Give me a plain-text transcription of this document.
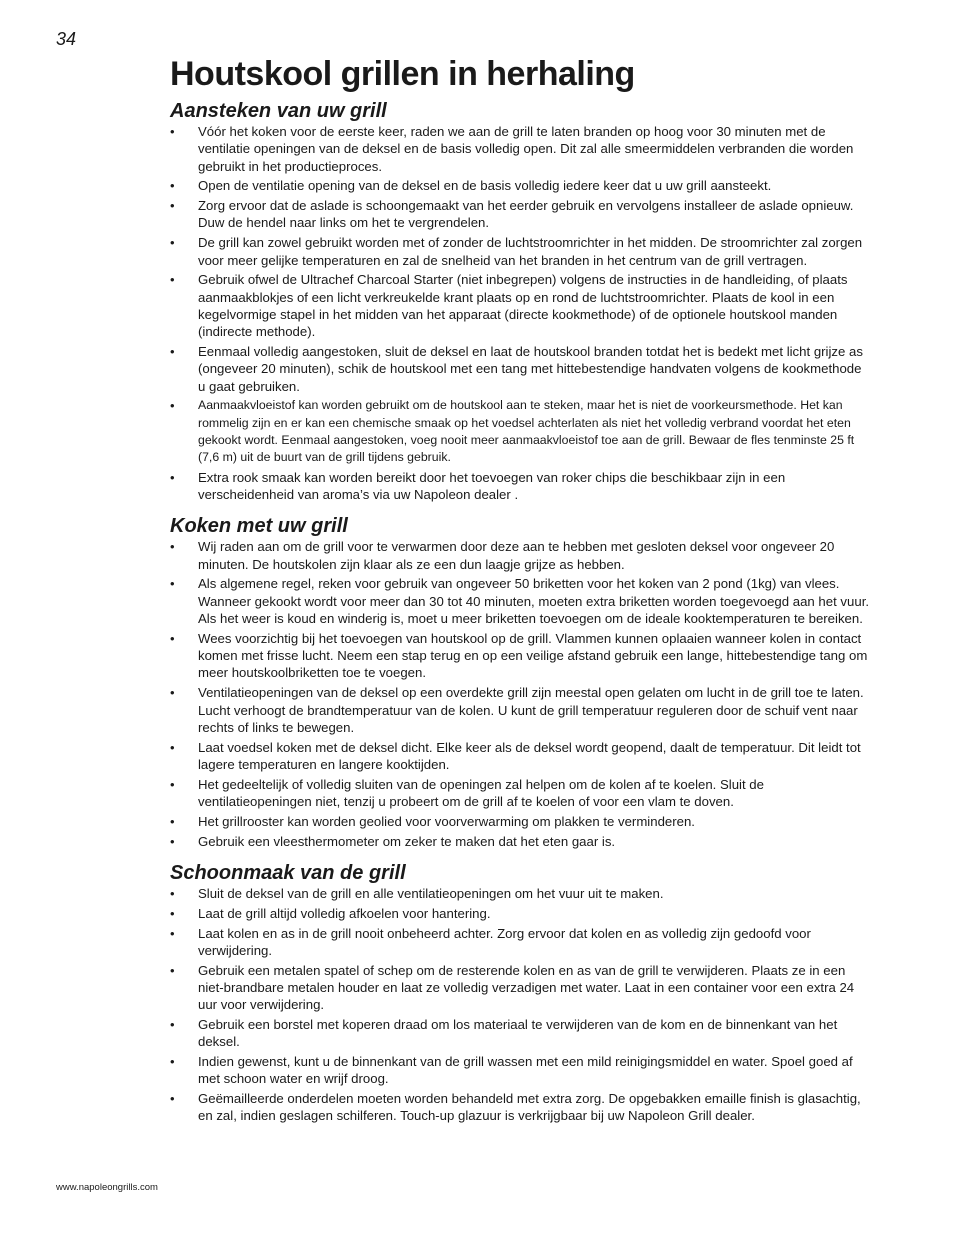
34
Houtskool grillen in herhaling
Aansteken van uw grill
• Vóór het koken voor de eerste keer, raden we aan de grill te laten branden op hoog voor 30 minuten met de ventilatie openingen van de deksel en de basis volledig open. Dit zal alle smeermiddelen verbranden die worden gebruikt in het productieproces.
• Open de ventilatie opening van de deksel en de basis volledig iedere keer dat u uw grill aansteekt.
• Zorg ervoor dat de aslade is schoongemaakt van het eerder gebruik en vervolgens installeer de aslade opnieuw. Duw de hendel naar links om het te vergrendelen.
• De grill kan zowel gebruikt worden met of zonder de luchtstroomrichter in het midden. De stroomrichter zal zorgen voor meer gelijke temperaturen en zal de snelheid van het branden in het centrum van de grill vertragen.
• Gebruik ofwel de Ultrachef Charcoal Starter (niet inbegrepen) volgens de instructies in de handleiding, of plaats aanmaakblokjes of een licht verkreukelde krant plaats op en rond de luchtstroomrichter. Plaats de kool in een kegelvormige stapel in het midden van het apparaat (directe kookmethode) of de optionele houtskool manden (indirecte methode).
• Eenmaal volledig aangestoken, sluit de deksel en laat de houtskool branden totdat het is bedekt met licht grijze as (ongeveer 20 minuten), schik de houtskool met een tang met hittebestendige handvaten volgens de kookmethode u gaat gebruiken.
• Aanmaakvloeistof kan worden gebruikt om de houtskool aan te steken, maar het is niet de voorkeursmethode. Het kan rommelig zijn en er kan een chemische smaak op het voedsel achterlaten als niet het volledig verbrand voordat het eten gekookt wordt. Eenmaal aangestoken, voeg nooit meer aanmaakvloeistof toe aan de grill. Bewaar de fles tenminste 25 ft (7,6 m) uit de buurt van de grill tijdens gebruik.
• Extra rook smaak kan worden bereikt door het toevoegen van roker chips die beschikbaar zijn in een verscheidenheid van aroma’s via uw Napoleon dealer .
Koken met uw grill
• Wij raden aan om de grill voor te verwarmen door deze aan te hebben met gesloten deksel voor ongeveer 20 minuten. De houtskolen zijn klaar als ze een dun laagje grijze as hebben.
• Als algemene regel, reken voor gebruik van ongeveer 50 briketten voor het koken van 2 pond (1kg) van vlees. Wanneer gekookt wordt voor meer dan 30 tot 40 minuten, moeten extra briketten worden toegevoegd aan het vuur. Als het weer is koud en winderig is, moet u meer briketten toevoegen om de ideale kooktemperaturen te bereiken.
• Wees voorzichtig bij het toevoegen van houtskool op de grill. Vlammen kunnen oplaaien wanneer kolen in contact komen met frisse lucht. Neem een stap terug en op een veilige afstand gebruik een lange, hittebestendige tang om meer houtskoolbriketten toe te voegen.
• Ventilatieopeningen van de deksel op een overdekte grill zijn meestal open gelaten om lucht in de grill toe te laten. Lucht verhoogt de brandtemperatuur van de kolen. U kunt de grill temperatuur reguleren door de schuif vent naar rechts of links te bewegen.
• Laat voedsel koken met de deksel dicht. Elke keer als de deksel wordt geopend, daalt de temperatuur. Dit leidt tot lagere temperaturen en langere kooktijden.
• Het gedeeltelijk of volledig sluiten van de openingen zal helpen om de kolen af te koelen. Sluit de ventilatieopeningen niet, tenzij u probeert om de grill af te koelen of voor een vlam te doven.
• Het grillrooster kan worden geolied voor voorverwarming om plakken te verminderen.
• Gebruik een vleesthermometer om zeker te maken dat het eten gaar is.
Schoonmaak van de grill
• Sluit de deksel van de grill en alle ventilatieopeningen om het vuur uit te maken.
• Laat de grill altijd volledig afkoelen voor hantering.
• Laat kolen en as in de grill nooit onbeheerd achter. Zorg ervoor dat kolen en as volledig zijn gedoofd voor verwijdering.
• Gebruik een metalen spatel of schep om de resterende kolen en as van de grill te verwijderen. Plaats ze in een niet-brandbare metalen houder en laat ze volledig verzadigen met water. Laat in een container voor een extra 24 uur voor verwijdering.
• Gebruik een borstel met koperen draad om los materiaal te verwijderen van de kom en de binnenkant van het deksel.
• Indien gewenst, kunt u de binnenkant van de grill wassen met een mild reinigingsmiddel en water. Spoel goed af met schoon water en wrijf droog.
• Geëmailleerde onderdelen moeten worden behandeld met extra zorg. De opgebakken emaille finish is glasachtig, en zal, indien geslagen schilferen. Touch-up glazuur is verkrijgbaar bij uw Napoleon Grill dealer.
www.napoleongrills.com
